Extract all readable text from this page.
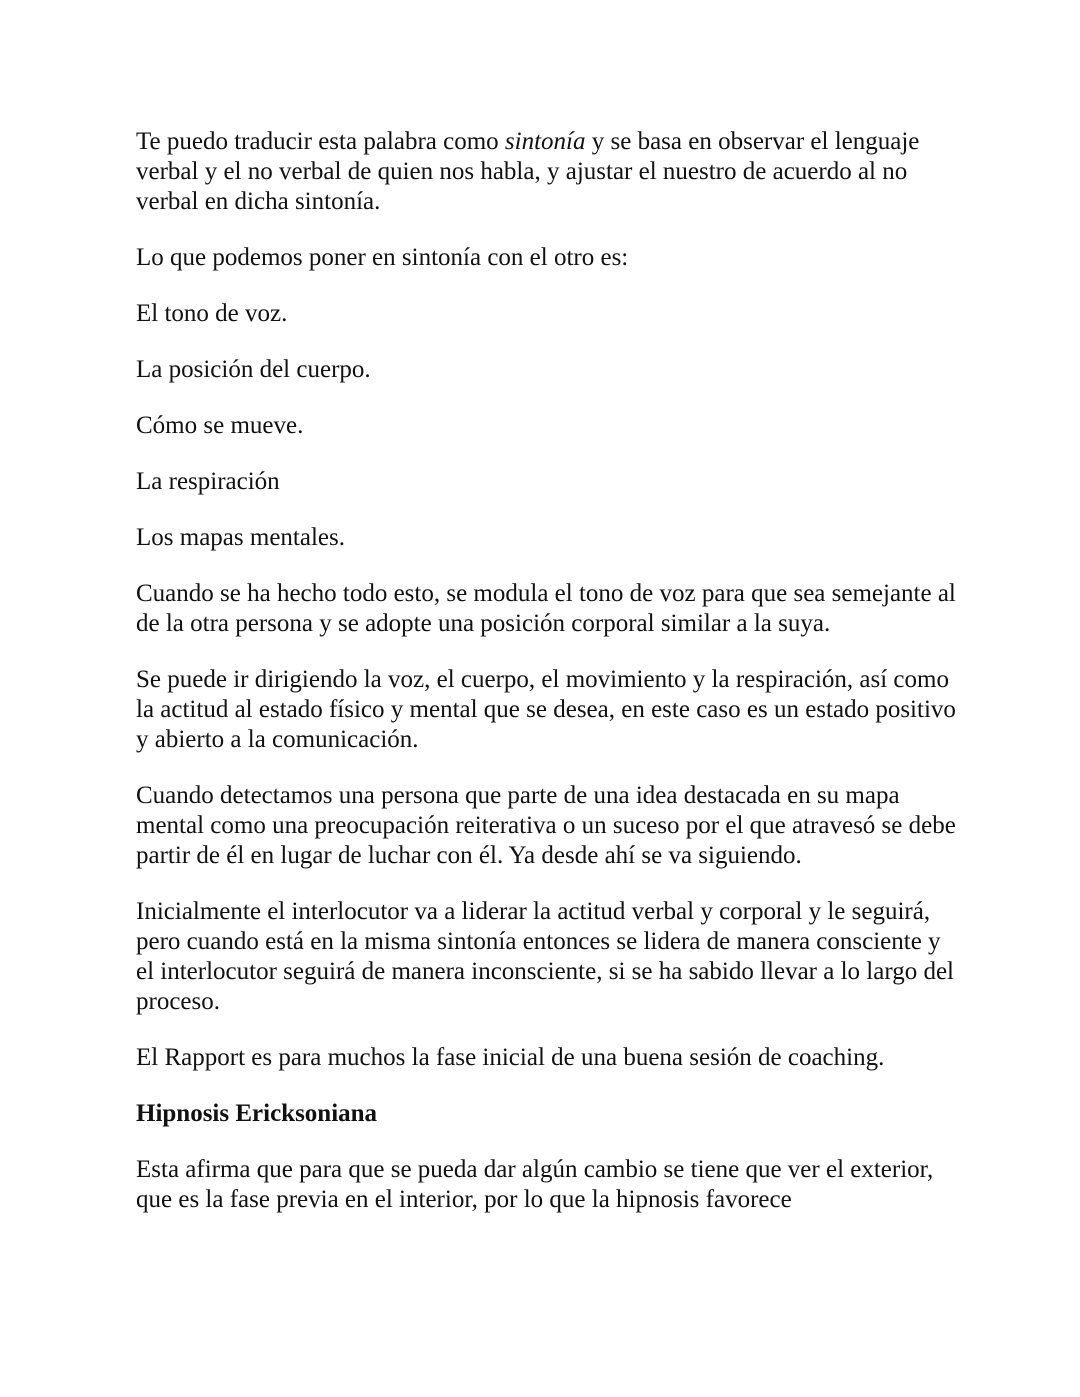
Te puedo traducir esta palabra como sintonía y se basa en observar el lenguaje verbal y el no verbal de quien nos habla, y ajustar el nuestro de acuerdo al no verbal en dicha sintonía.

Lo que podemos poner en sintonía con el otro es:

El tono de voz.

La posición del cuerpo.

Cómo se mueve.

La respiración

Los mapas mentales.

Cuando se ha hecho todo esto, se modula el tono de voz para que sea semejante al de la otra persona y se adopte una posición corporal similar a la suya.

Se puede ir dirigiendo la voz, el cuerpo, el movimiento y la respiración, así como la actitud al estado físico y mental que se desea, en este caso es un estado positivo y abierto a la comunicación.

Cuando detectamos una persona que parte de una idea destacada en su mapa mental como una preocupación reiterativa o un suceso por el que atravesó se debe partir de él en lugar de luchar con él. Ya desde ahí se va siguiendo.

Inicialmente el interlocutor va a liderar la actitud verbal y corporal y le seguirá, pero cuando está en la misma sintonía entonces se lidera de manera consciente y el interlocutor seguirá de manera inconsciente, si se ha sabido llevar a lo largo del proceso.

El Rapport es para muchos la fase inicial de una buena sesión de coaching.

Hipnosis Ericksoniana

Esta afirma que para que se pueda dar algún cambio se tiene que ver el exterior, que es la fase previa en el interior, por lo que la hipnosis favorece
